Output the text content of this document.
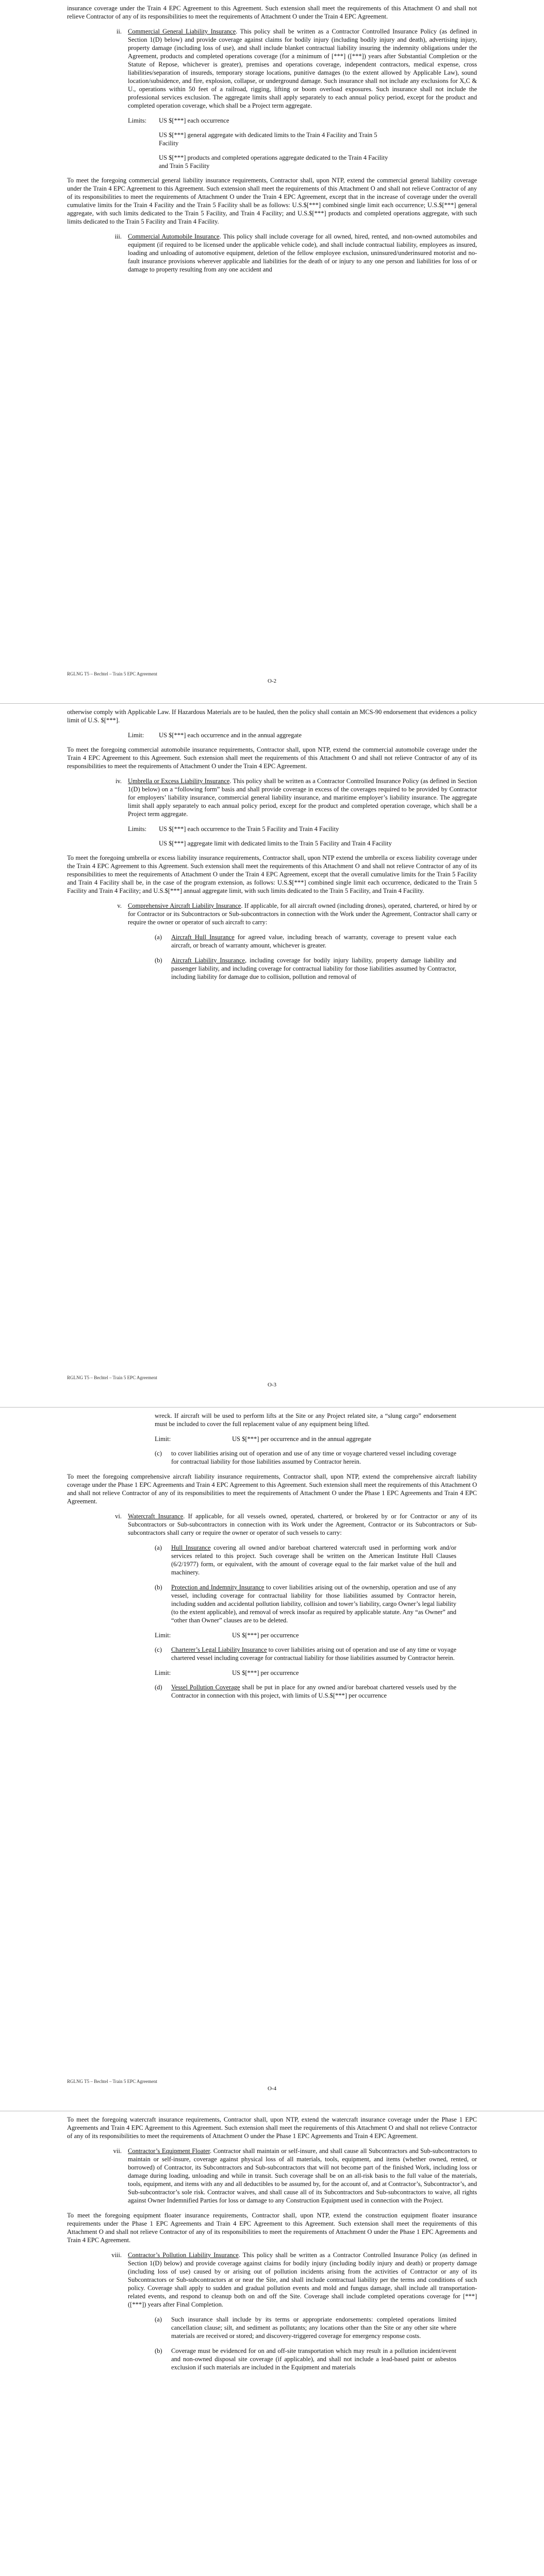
insurance coverage under the Train 4 EPC Agreement to this Agreement. Such extension shall meet the requirements of this Attachment O and shall not relieve Contractor of any of its responsibilities to meet the requirements of Attachment O under the Train 4 EPC Agreement.

ii. Commercial General Liability Insurance. This policy shall be written as a Contractor Controlled Insurance Policy (as defined in Section 1(D) below) and provide coverage against claims for bodily injury (including bodily injury and death), advertising injury, property damage (including loss of use), and shall include blanket contractual liability insuring the indemnity obligations under the Agreement, products and completed operations coverage (for a minimum of [***] ([***]) years after Substantial Completion or the Statute of Repose, whichever is greater), premises and operations coverage, independent contractors, medical expense, cross liabilities/separation of insureds, temporary storage locations, punitive damages (to the extent allowed by Applicable Law), sound location/subsidence, and fire, explosion, collapse, or underground damage. Such insurance shall not include any exclusions for X,C & U., operations within 50 feet of a railroad, rigging, lifting or boom overload exposures. Such insurance shall not include the professional services exclusion. The aggregate limits shall apply separately to each annual policy period, except for the product and completed operation coverage, which shall be a Project term aggregate.
Limits:	US $[***] each occurrence
US $[***] general aggregate with dedicated limits to the Train 4 Facility and Train 5 Facility
US $[***] products and completed operations aggregate dedicated to the Train 4 Facility and Train 5 Facility

To meet the foregoing commercial general liability insurance requirements, Contractor shall, upon NTP, extend the commercial general liability coverage under the Train 4 EPC Agreement to this Agreement. Such extension shall meet the requirements of this Attachment O and shall not relieve Contractor of any of its responsibilities to meet the requirements of Attachment O under the Train 4 EPC Agreement, except that in the increase of coverage under the overall cumulative limits for the Train 4 Facility and the Train 5 Facility shall be as follows: U.S.$[***] combined single limit each occurrence; U.S.$[***] general aggregate, with such limits dedicated to the Train 5 Facility, and Train 4 Facility; and U.S.$[***] products and completed operations aggregate, with such limits dedicated to the Train 5 Facility and Train 4 Facility.

iii. Commercial Automobile Insurance. This policy shall include coverage for all owned, hired, rented, and non-owned automobiles and equipment (if required to be licensed under the applicable vehicle code), and shall include contractual liability, employees as insured, loading and unloading of automotive equipment, deletion of the fellow employee exclusion, uninsured/underinsured motorist and no-fault insurance provisions wherever applicable and liabilities for the death of or injury to any one person and liabilities for loss of or damage to property resulting from any one accident and
RGLNG T5 – Bechtel – Train 5 EPC Agreement
O-2

otherwise comply with Applicable Law. If Hazardous Materials are to be hauled, then the policy shall contain an MCS-90 endorsement that evidences a policy limit of U.S. $[***].

Limit:	US $[***] each occurrence and in the annual aggregate

To meet the foregoing commercial automobile insurance requirements, Contractor shall, upon NTP, extend the commercial automobile coverage under the Train 4 EPC Agreement to this Agreement. Such extension shall meet the requirements of this Attachment O and shall not relieve Contractor of any of its responsibilities to meet the requirements of Attachment O under the Train 4 EPC Agreement.

iv. Umbrella or Excess Liability Insurance. This policy shall be written as a Contractor Controlled Insurance Policy (as defined in Section 1(D) below) on a “following form” basis and shall provide coverage in excess of the coverages required to be provided by Contractor for employers’ liability insurance, commercial general liability insurance, and maritime employer’s liability insurance. The aggregate limit shall apply separately to each annual policy period, except for the product and completed operation coverage, which shall be a Project term aggregate.
Limits:	US $[***] each occurrence to the Train 5 Facility and Train 4 Facility
US $[***] aggregate limit with dedicated limits to the Train 5 Facility and Train 4 Facility

To meet the foregoing umbrella or excess liability insurance requirements, Contractor shall, upon NTP extend the umbrella or excess liability coverage under the Train 4 EPC Agreement to this Agreement. Such extension shall meet the requirements of this Attachment O and shall not relieve Contractor of any of its responsibilities to meet the requirements of Attachment O under the Train 4 EPC Agreement, except that the overall cumulative limits for the Train 5 Facility and Train 4 Facility shall be, in the case of the program extension, as follows: U.S.$[***] combined single limit each occurrence, dedicated to the Train 5 Facility and Train 4 Facility; and U.S.$[***] annual aggregate limit, with such limits dedicated to the Train 5 Facility, and Train 4 Facility.

v. Comprehensive Aircraft Liability Insurance. If applicable, for all aircraft owned (including drones), operated, chartered, or hired by or for Contractor or its Subcontractors or Sub-subcontractors in connection with the Work under the Agreement, Contractor shall carry or require the owner or operator of such aircraft to carry:
(a)	Aircraft Hull Insurance for agreed value, including breach of warranty, coverage to present value each aircraft, or breach of warranty amount, whichever is greater.
(b)	Aircraft Liability Insurance, including coverage for bodily injury liability, property damage liability and passenger liability, and including coverage for contractual liability for those liabilities assumed by Contractor, including liability for damage due to collision, pollution and removal of
RGLNG T5 – Bechtel – Train 5 EPC Agreement
O-3

wreck. If aircraft will be used to perform lifts at the Site or any Project related site, a “slung cargo” endorsement must be included to cover the full replacement value of any equipment being lifted.

Limit:	US $[***] per occurrence and in the annual aggregate
(c)	to cover liabilities arising out of operation and use of any time or voyage chartered vessel including coverage for contractual liability for those liabilities assumed by Contractor herein.

To meet the foregoing comprehensive aircraft liability insurance requirements, Contractor shall, upon NTP, extend the comprehensive aircraft liability coverage under the Phase 1 EPC Agreements and Train 4 EPC Agreement to this Agreement. Such extension shall meet the requirements of this Attachment O and shall not relieve Contractor of any of its responsibilities to meet the requirements of Attachment O under the Phase 1 EPC Agreements and Train 4 EPC Agreement.

vi. Watercraft Insurance. If applicable, for all vessels owned, operated, chartered, or brokered by or for Contractor or any of its Subcontractors or Sub-subcontractors in connection with its Work under the Agreement, Contractor or its Subcontractors or Sub-subcontractors shall carry or require the owner or operator of such vessels to carry:
(a)	Hull Insurance covering all owned and/or bareboat chartered watercraft used in performing work and/or services related to this project. Such coverage shall be written on the American Institute Hull Clauses (6/2/1977) form, or equivalent, with the amount of coverage equal to the fair market value of the hull and machinery.
(b)	Protection and Indemnity Insurance to cover liabilities arising out of the ownership, operation and use of any vessel, including coverage for contractual liability for those liabilities assumed by Contractor herein, including sudden and accidental pollution liability, collision and tower’s liability, cargo Owner’s legal liability (to the extent applicable), and removal of wreck insofar as required by applicable statute. Any “as Owner” and “other than Owner” clauses are to be deleted.
Limit:	US $[***] per occurrence
(c)	Charterer’s Legal Liability Insurance to cover liabilities arising out of operation and use of any time or voyage chartered vessel including coverage for contractual liability for those liabilities assumed by Contractor herein.
Limit:	US $[***] per occurrence
(d)	Vessel Pollution Coverage shall be put in place for any owned and/or bareboat chartered vessels used by the Contractor in connection with this project, with limits of U.S.$[***] per occurrence
RGLNG T5 – Bechtel – Train 5 EPC Agreement
O-4

To meet the foregoing watercraft insurance requirements, Contractor shall, upon NTP, extend the watercraft insurance coverage under the Phase 1 EPC Agreements and Train 4 EPC Agreement to this Agreement. Such extension shall meet the requirements of this Attachment O and shall not relieve Contractor of any of its responsibilities to meet the requirements of Attachment O under the Phase 1 EPC Agreements and Train 4 EPC Agreement.

vii. Contractor’s Equipment Floater. Contractor shall maintain or self-insure, and shall cause all Subcontractors and Sub-subcontractors to maintain or self-insure, coverage against physical loss of all materials, tools, equipment, and items (whether owned, rented, or borrowed) of Contractor, its Subcontractors and Sub-subcontractors that will not become part of the finished Work, including loss or damage during loading, unloading and while in transit. Such coverage shall be on an all-risk basis to the full value of the materials, tools, equipment, and items with any and all deductibles to be assumed by, for the account of, and at Contractor’s, Subcontractor’s, and Sub-subcontractor’s sole risk. Contractor waives, and shall cause all of its Subcontractors and Sub-subcontractors to waive, all rights against Owner Indemnified Parties for loss or damage to any Construction Equipment used in connection with the Project.

To meet the foregoing equipment floater insurance requirements, Contractor shall, upon NTP, extend the construction equipment floater insurance requirements under the Phase 1 EPC Agreements and Train 4 EPC Agreement to this Agreement. Such extension shall meet the requirements of this Attachment O and shall not relieve Contractor of any of its responsibilities to meet the requirements of Attachment O under the Phase 1 EPC Agreements and Train 4 EPC Agreement.

viii. Contractor’s Pollution Liability Insurance. This policy shall be written as a Contractor Controlled Insurance Policy (as defined in Section 1(D) below) and provide coverage against claims for bodily injury (including bodily injury and death) or property damage (including loss of use) caused by or arising out of pollution incidents arising from the activities of Contractor or any of its Subcontractors or Sub-subcontractors at or near the Site, and shall include contractual liability per the terms and conditions of such policy. Coverage shall apply to sudden and gradual pollution events and mold and fungus damage, shall include all transportation-related events, and respond to cleanup both on and off the Site. Coverage shall include completed operations coverage for [***] ([***]) years after Final Completion.
(a)	Such insurance shall include by its terms or appropriate endorsements: completed operations limited cancellation clause; silt, and sediment as pollutants; any locations other than the Site or any other site where materials are received or stored; and discovery-triggered coverage for emergency response costs.
(b)	Coverage must be evidenced for on and off-site transportation which may result in a pollution incident/event and non-owned disposal site coverage (if applicable), and shall not include a lead-based paint or asbestos exclusion if such materials are included in the Equipment and materials
